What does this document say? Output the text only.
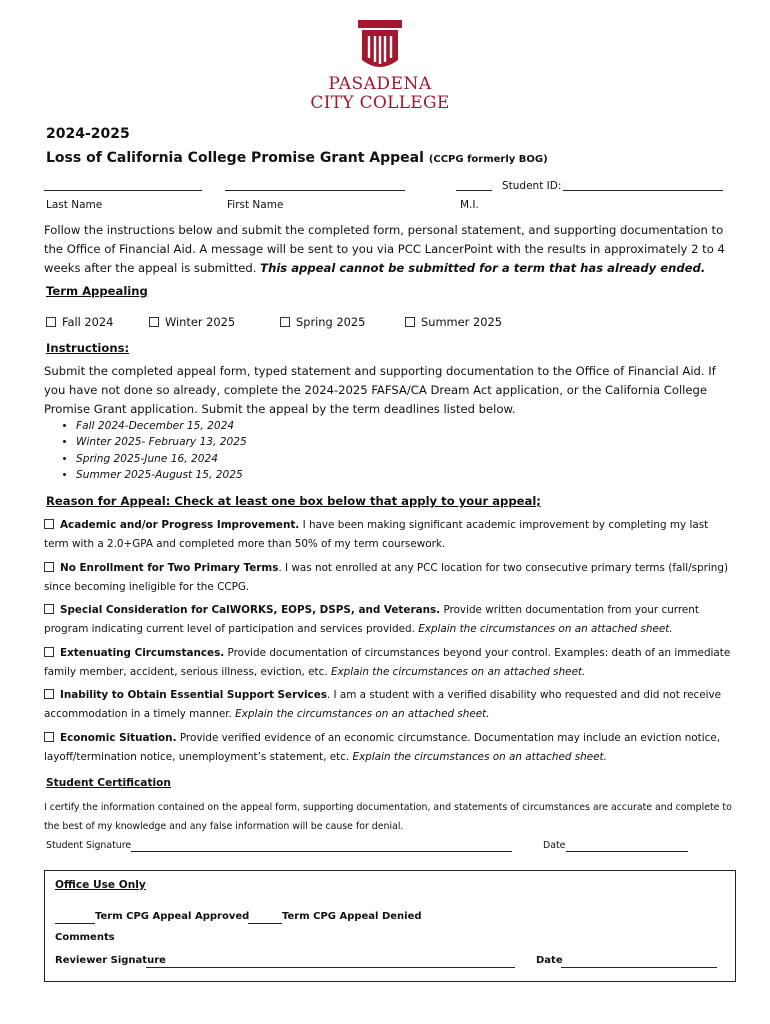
PASADENA
CITY COLLEGE
2024-2025
Loss of California College Promise Grant Appeal (CCPG formerly BOG)
Student ID:
Last Name	First Name	M.I.
Follow the instructions below and submit the completed form, personal statement, and supporting documentation to the Office of Financial Aid. A message will be sent to you via PCC LancerPoint with the results in approximately 2 to 4 weeks after the appeal is submitted. This appeal cannot be submitted for a term that has already ended.
Term Appealing
Fall 2024	Winter 2025	Spring 2025	Summer 2025
Instructions:
Submit the completed appeal form, typed statement and supporting documentation to the Office of Financial Aid. If you have not done so already, complete the 2024-2025 FAFSA/CA Dream Act application, or the California College Promise Grant application. Submit the appeal by the term deadlines listed below.
• Fall 2024-December 15, 2024
• Winter 2025- February 13, 2025
• Spring 2025-June 16, 2024
• Summer 2025-August 15, 2025
Reason for Appeal: Check at least one box below that apply to your appeal;
Academic and/or Progress Improvement. I have been making significant academic improvement by completing my last term with a 2.0+GPA and completed more than 50% of my term coursework.
No Enrollment for Two Primary Terms. I was not enrolled at any PCC location for two consecutive primary terms (fall/spring) since becoming ineligible for the CCPG.
Special Consideration for CalWORKS, EOPS, DSPS, and Veterans. Provide written documentation from your current program indicating current level of participation and services provided. Explain the circumstances on an attached sheet.
Extenuating Circumstances. Provide documentation of circumstances beyond your control. Examples: death of an immediate family member, accident, serious illness, eviction, etc. Explain the circumstances on an attached sheet.
Inability to Obtain Essential Support Services. I am a student with a verified disability who requested and did not receive accommodation in a timely manner. Explain the circumstances on an attached sheet.
Economic Situation. Provide verified evidence of an economic circumstance. Documentation may include an eviction notice, layoff/termination notice, unemployment’s statement, etc. Explain the circumstances on an attached sheet.
Student Certification
I certify the information contained on the appeal form, supporting documentation, and statements of circumstances are accurate and complete to the best of my knowledge and any false information will be cause for denial.
Student Signature	Date
Office Use Only
Term CPG Appeal Approved	Term CPG Appeal Denied
Comments
Reviewer Signature	Date
